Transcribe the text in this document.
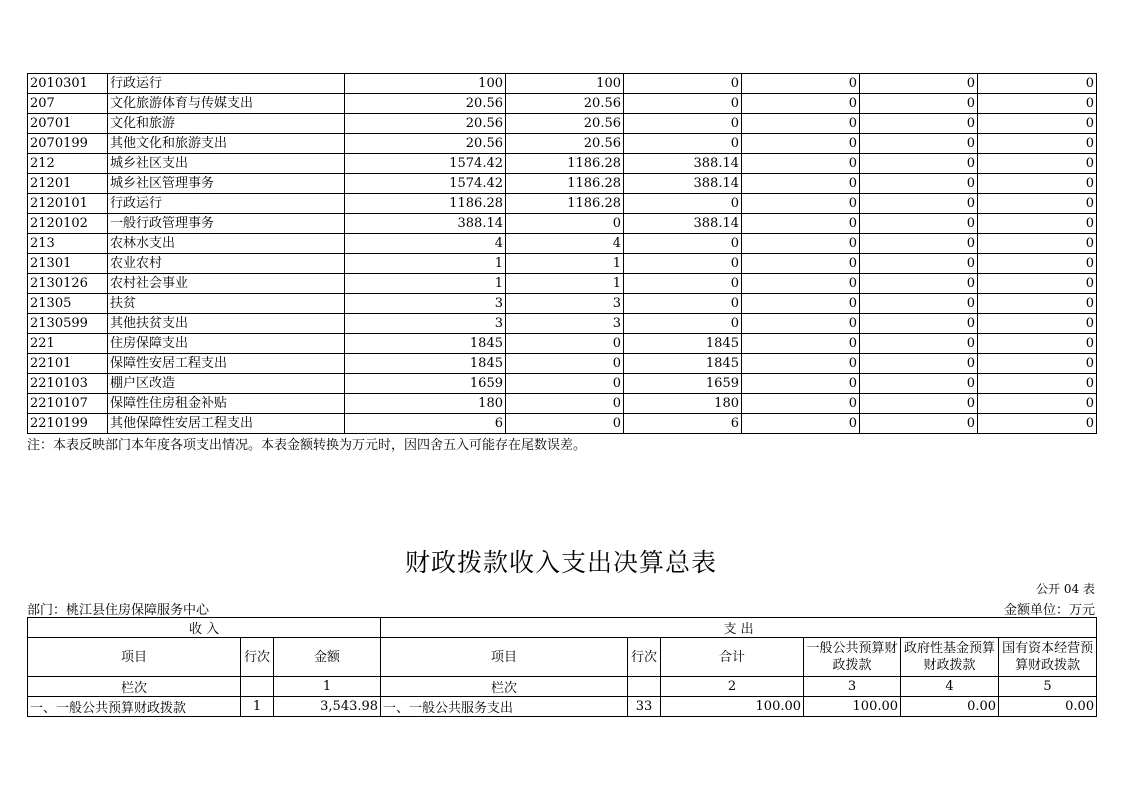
2010301	行政运行	100	100	0	0	0	0
207	文化旅游体育与传媒支出	20.56	20.56	0	0	0	0
20701	文化和旅游	20.56	20.56	0	0	0	0
2070199	其他文化和旅游支出	20.56	20.56	0	0	0	0
212	城乡社区支出	1574.42	1186.28	388.14	0	0	0
21201	城乡社区管理事务	1574.42	1186.28	388.14	0	0	0
2120101	行政运行	1186.28	1186.28	0	0	0	0
2120102	一般行政管理事务	388.14	0	388.14	0	0	0
213	农林水支出	4	4	0	0	0	0
21301	农业农村	1	1	0	0	0	0
2130126	农村社会事业	1	1	0	0	0	0
21305	扶贫	3	3	0	0	0	0
2130599	其他扶贫支出	3	3	0	0	0	0
221	住房保障支出	1845	0	1845	0	0	0
22101	保障性安居工程支出	1845	0	1845	0	0	0
2210103	棚户区改造	1659	0	1659	0	0	0
2210107	保障性住房租金补贴	180	0	180	0	0	0
2210199	其他保障性安居工程支出	6	0	6	0	0	0
注：本表反映部门本年度各项支出情况。本表金额转换为万元时，因四舍五入可能存在尾数误差。
财政拨款收入支出决算总表
公开 04 表
部门：桃江县住房保障服务中心	金额单位：万元
收 入			支 出					
项目	行次	金额	项目	行次	合计	一般公共预算财政拨款	政府性基金预算财政拨款	国有资本经营预算财政拨款
栏次		1	栏次		2	3	4	5
一、一般公共预算财政拨款	1	3,543.98	一、一般公共服务支出	33	100.00	100.00	0.00	0.00
